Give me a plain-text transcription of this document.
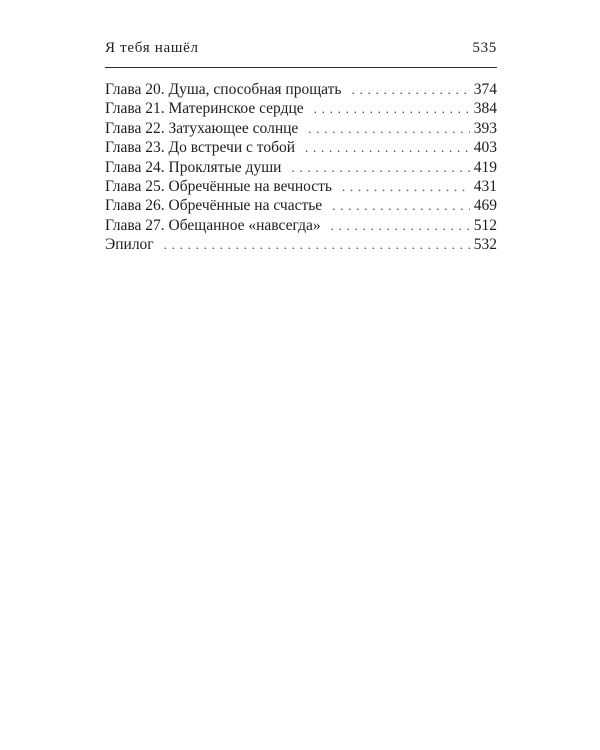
Я тебя нашёл	535
Глава 20. Душа, способная прощать . . .	374
Глава 21. Материнское сердце . . .	384
Глава 22. Затухающее солнце . . .	393
Глава 23. До встречи с тобой . . .	403
Глава 24. Проклятые души . . .	419
Глава 25. Обречённые на вечность . . .	431
Глава 26. Обречённые на счастье . . .	469
Глава 27. Обещанное «навсегда» . . .	512
Эпилог . . .	532
